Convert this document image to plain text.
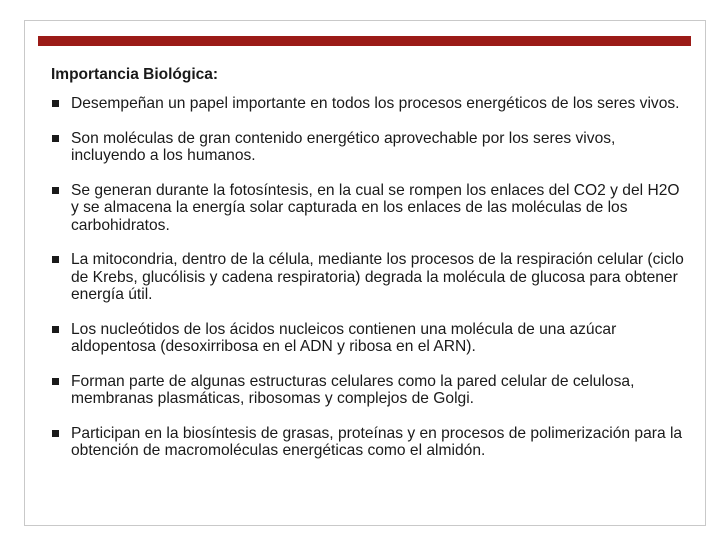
Importancia Biológica:
Desempeñan un papel importante en todos los procesos energéticos de los seres vivos.
Son moléculas de gran contenido energético aprovechable por los seres vivos, incluyendo a los humanos.
Se generan durante la fotosíntesis, en la cual se rompen los enlaces del CO2 y del H2O y se almacena la energía solar capturada en los enlaces de las moléculas de los carbohidratos.
La mitocondria, dentro de la célula, mediante los procesos de la respiración celular (ciclo de Krebs, glucólisis y cadena respiratoria) degrada la molécula de glucosa para obtener energía útil.
Los nucleótidos de los ácidos nucleicos contienen una molécula de una azúcar aldopentosa (desoxirribosa en el ADN y ribosa en el ARN).
Forman parte de algunas estructuras celulares como la pared celular de celulosa, membranas plasmáticas, ribosomas y complejos de Golgi.
Participan en la biosíntesis de grasas, proteínas y en procesos de polimerización para la obtención de macromoléculas energéticas como el almidón.
